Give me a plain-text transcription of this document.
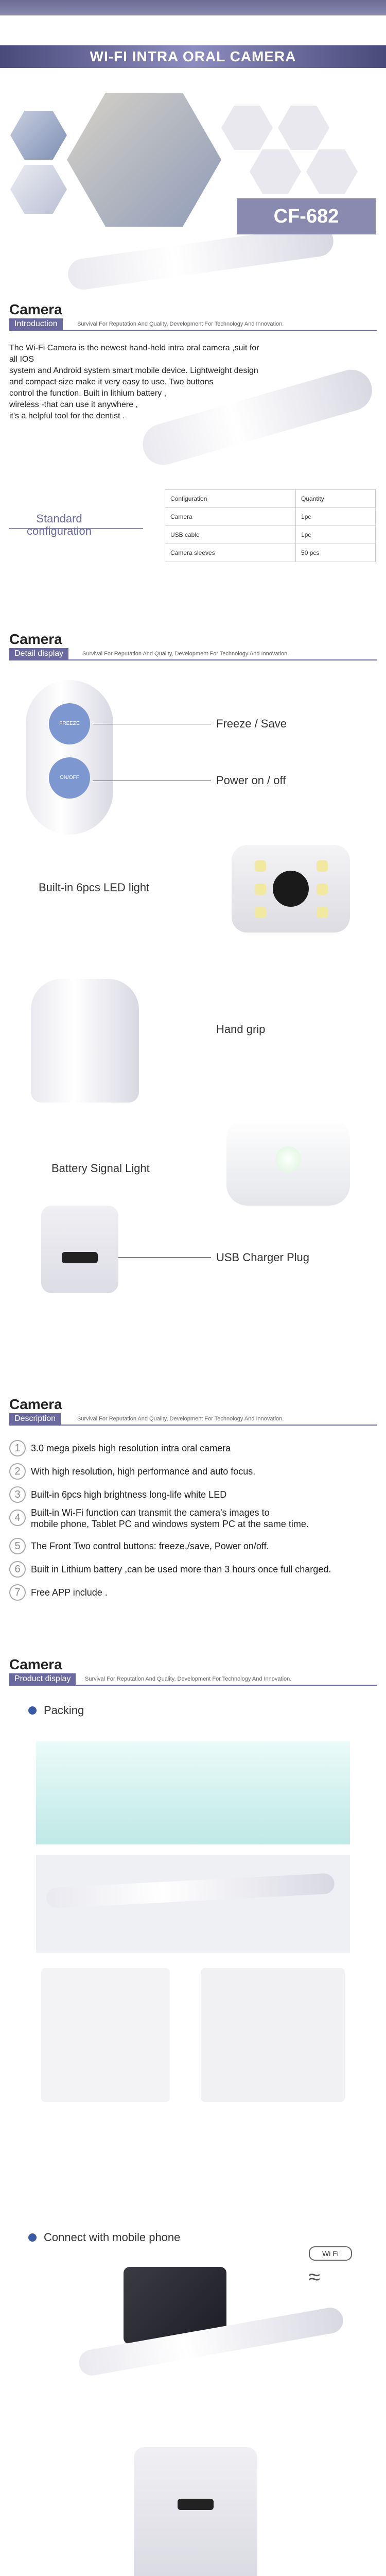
WI-FI INTRA ORAL CAMERA
CF-682
Camera
Introduction	Survival For Reputation And Quality, Development For Technology And Innovation.

The Wi-Fi Camera is the newest hand-held intra oral camera ,suit for all IOS

system and Android system smart mobile device. Lightweight design

and compact size make it very easy to use. Two buttons

control the function. Built in lithium battery ,

wireless -that can use it anywhere ,

it's a helpful tool for the dentist .

Standard
configuration
Configuration	Quantity
Camera	1pc
USB cable	1pc
Camera sleeves	50 pcs
Camera
Detail display	Survival For Reputation And Quality, Development For Technology And Innovation.
FREEZE
ON/OFF
Freeze / Save
Power on / off
Built-in 6pcs LED light
Hand grip
Battery Signal Light
USB Charger Plug
Camera
Description	Survival For Reputation And Quality, Development For Technology And Innovation.
1	3.0 mega pixels high resolution intra oral camera
2	With high resolution, high performance and auto focus.
3	Built-in 6pcs high brightness long-life white LED
4	Built-in Wi-Fi function can transmit the camera's images to
mobile phone, Tablet PC and windows system PC at the same time.
5	The Front Two control buttons: freeze,/save, Power on/off.
6	Built in Lithium battery ,can be used more than 3 hours once full charged.
7	Free APP include .
Camera
Product display	Survival For Reputation And Quality, Development For Technology And Innovation.
Packing
Connect with mobile phone
Wi Fi
≈
